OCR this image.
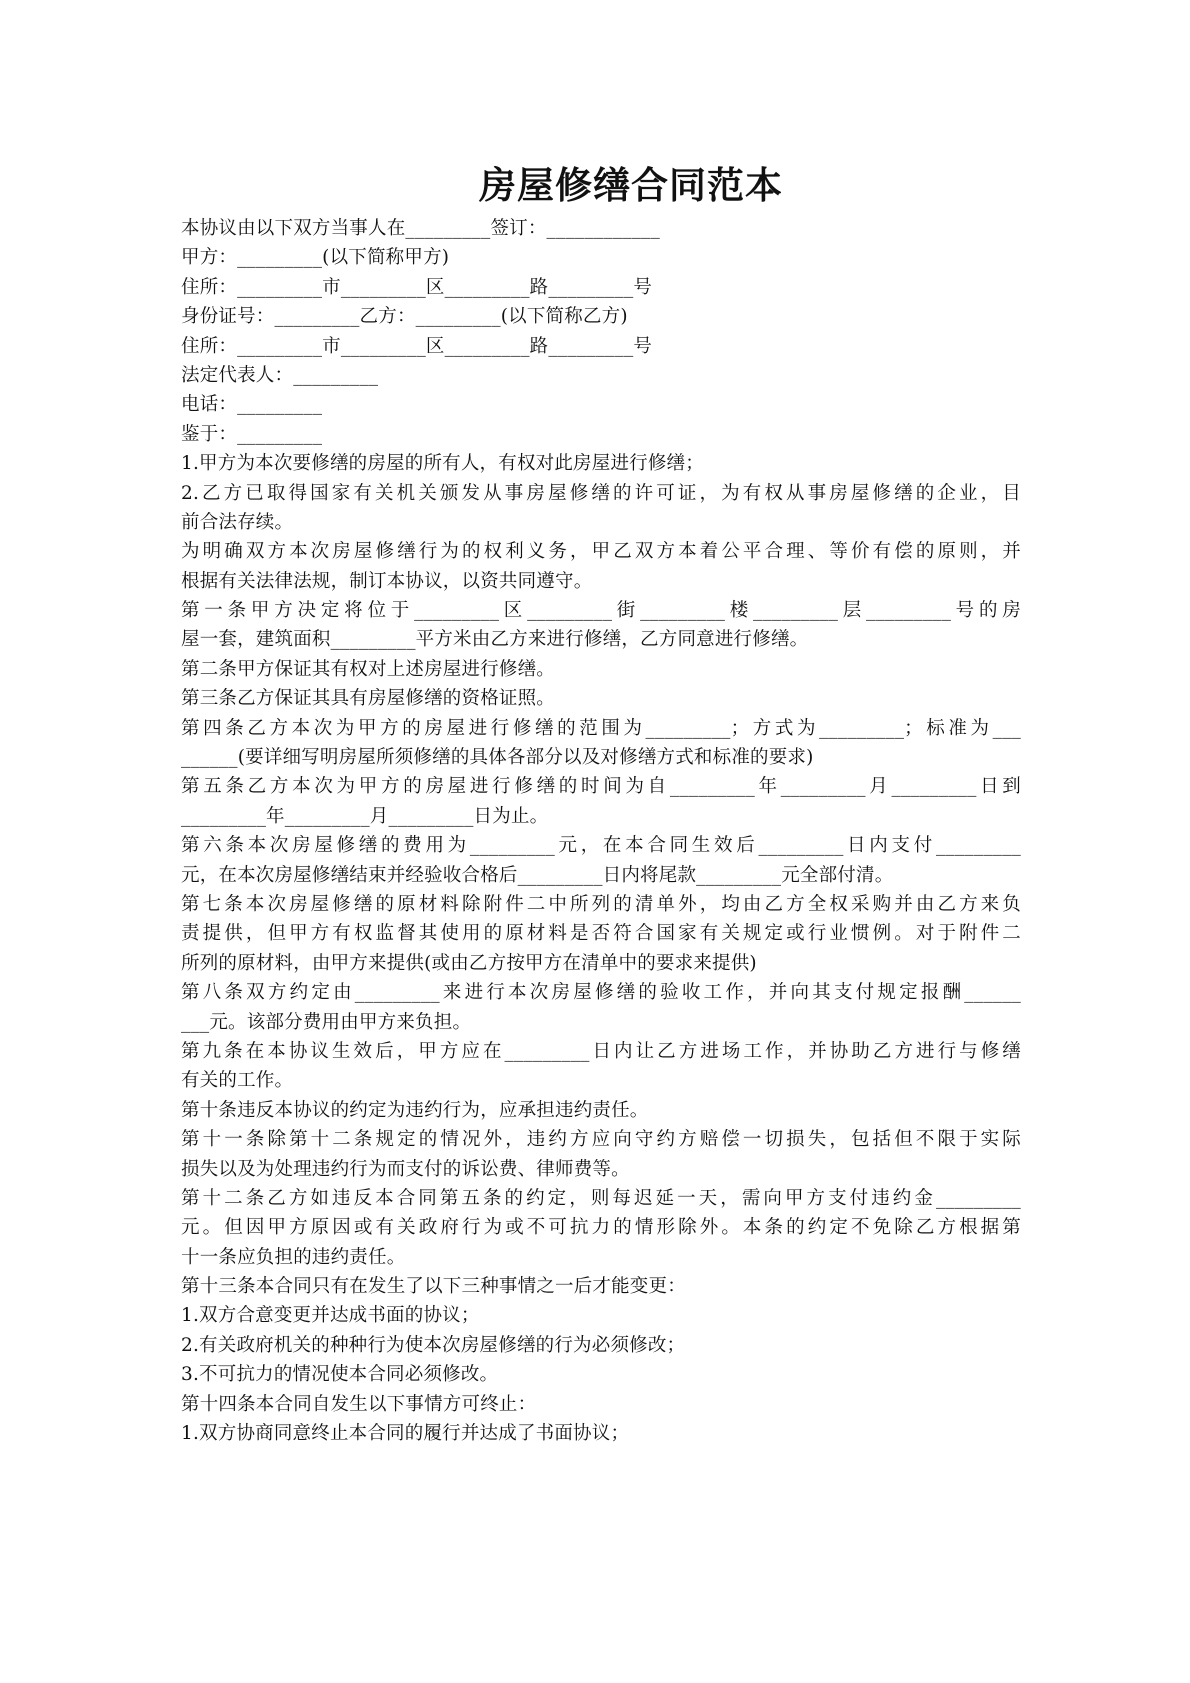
房屋修缮合同范本
本协议由以下双方当事人在_________签订：____________
甲方：_________(以下简称甲方)
住所：_________市_________区_________路_________号
身份证号：_________乙方：_________(以下简称乙方)
住所：_________市_________区_________路_________号
法定代表人：_________
电话：_________
鉴于：_________
1.甲方为本次要修缮的房屋的所有人，有权对此房屋进行修缮；
2.乙方已取得国家有关机关颁发从事房屋修缮的许可证，为有权从事房屋修缮的企业，目
前合法存续。
为明确双方本次房屋修缮行为的权利义务，甲乙双方本着公平合理、等价有偿的原则，并
根据有关法律法规，制订本协议，以资共同遵守。
第一条甲方决定将位于_________区_________街_________楼_________层_________号的房
屋一套，建筑面积_________平方米由乙方来进行修缮，乙方同意进行修缮。
第二条甲方保证其有权对上述房屋进行修缮。
第三条乙方保证其具有房屋修缮的资格证照。
第四条乙方本次为甲方的房屋进行修缮的范围为_________；方式为_________；标准为___
______(要详细写明房屋所须修缮的具体各部分以及对修缮方式和标准的要求)
第五条乙方本次为甲方的房屋进行修缮的时间为自_________年_________月_________日到
_________年_________月_________日为止。
第六条本次房屋修缮的费用为_________元，在本合同生效后_________日内支付_________
元，在本次房屋修缮结束并经验收合格后_________日内将尾款_________元全部付清。
第七条本次房屋修缮的原材料除附件二中所列的清单外，均由乙方全权采购并由乙方来负
责提供，但甲方有权监督其使用的原材料是否符合国家有关规定或行业惯例。对于附件二
所列的原材料，由甲方来提供(或由乙方按甲方在清单中的要求来提供)
第八条双方约定由_________来进行本次房屋修缮的验收工作，并向其支付规定报酬______
___元。该部分费用由甲方来负担。
第九条在本协议生效后，甲方应在_________日内让乙方进场工作，并协助乙方进行与修缮
有关的工作。
第十条违反本协议的约定为违约行为，应承担违约责任。
第十一条除第十二条规定的情况外，违约方应向守约方赔偿一切损失，包括但不限于实际
损失以及为处理违约行为而支付的诉讼费、律师费等。
第十二条乙方如违反本合同第五条的约定，则每迟延一天，需向甲方支付违约金_________
元。但因甲方原因或有关政府行为或不可抗力的情形除外。本条的约定不免除乙方根据第
十一条应负担的违约责任。
第十三条本合同只有在发生了以下三种事情之一后才能变更：
1.双方合意变更并达成书面的协议；
2.有关政府机关的种种行为使本次房屋修缮的行为必须修改；
3.不可抗力的情况使本合同必须修改。
第十四条本合同自发生以下事情方可终止：
1.双方协商同意终止本合同的履行并达成了书面协议；
